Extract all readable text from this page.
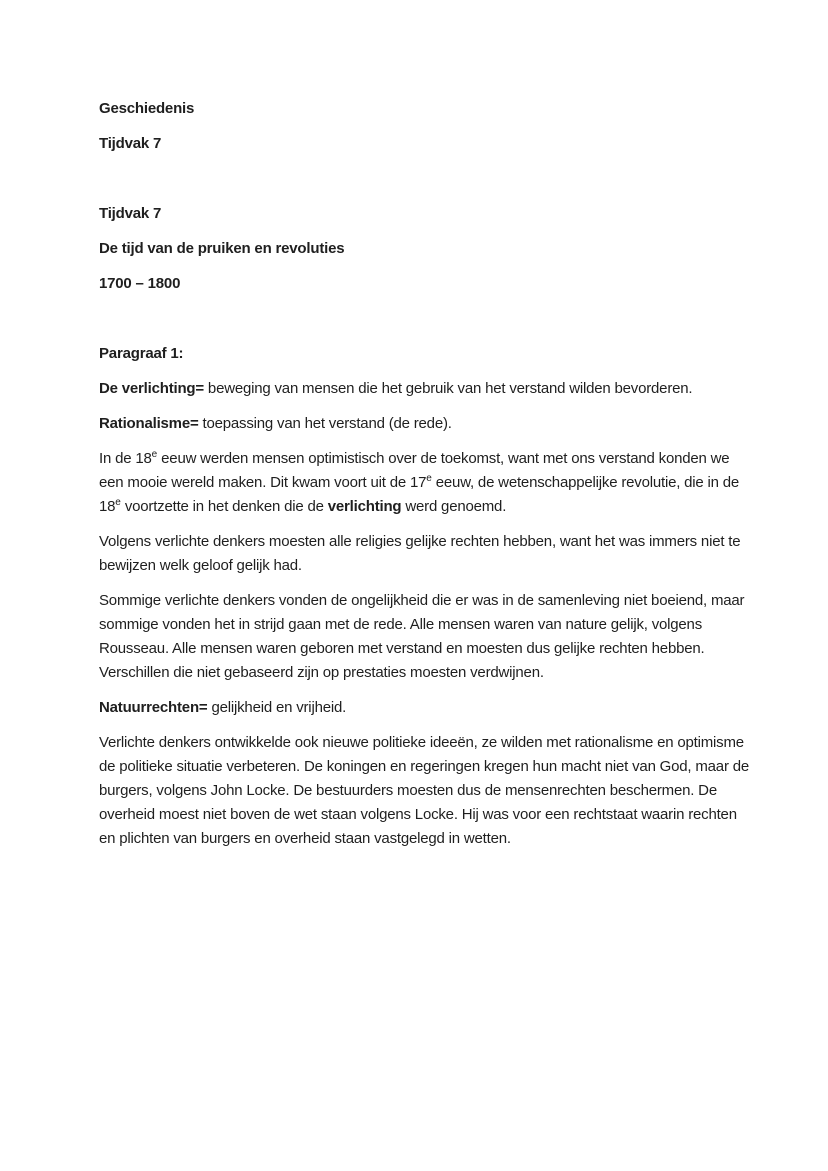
Geschiedenis

Tijdvak 7

Tijdvak 7

De tijd van de pruiken en revoluties

1700 – 1800

Paragraaf 1:

De verlichting= beweging van mensen die het gebruik van het verstand wilden bevorderen.

Rationalisme= toepassing van het verstand (de rede).

In de 18e eeuw werden mensen optimistisch over de toekomst, want met ons verstand konden we een mooie wereld maken. Dit kwam voort uit de 17e eeuw, de wetenschappelijke revolutie, die in de 18e voortzette in het denken die de verlichting werd genoemd.

Volgens verlichte denkers moesten alle religies gelijke rechten hebben, want het was immers niet te bewijzen welk geloof gelijk had.

Sommige verlichte denkers vonden de ongelijkheid die er was in de samenleving niet boeiend, maar sommige vonden het in strijd gaan met de rede. Alle mensen waren van nature gelijk, volgens Rousseau. Alle mensen waren geboren met verstand en moesten dus gelijke rechten hebben. Verschillen die niet gebaseerd zijn op prestaties moesten verdwijnen.

Natuurrechten= gelijkheid en vrijheid.

Verlichte denkers ontwikkelde ook nieuwe politieke ideeën, ze wilden met rationalisme en optimisme de politieke situatie verbeteren. De koningen en regeringen kregen hun macht niet van God, maar de burgers, volgens John Locke. De bestuurders moesten dus de mensenrechten beschermen. De overheid moest niet boven de wet staan volgens Locke. Hij was voor een rechtstaat waarin rechten en plichten van burgers en overheid staan vastgelegd in wetten.
